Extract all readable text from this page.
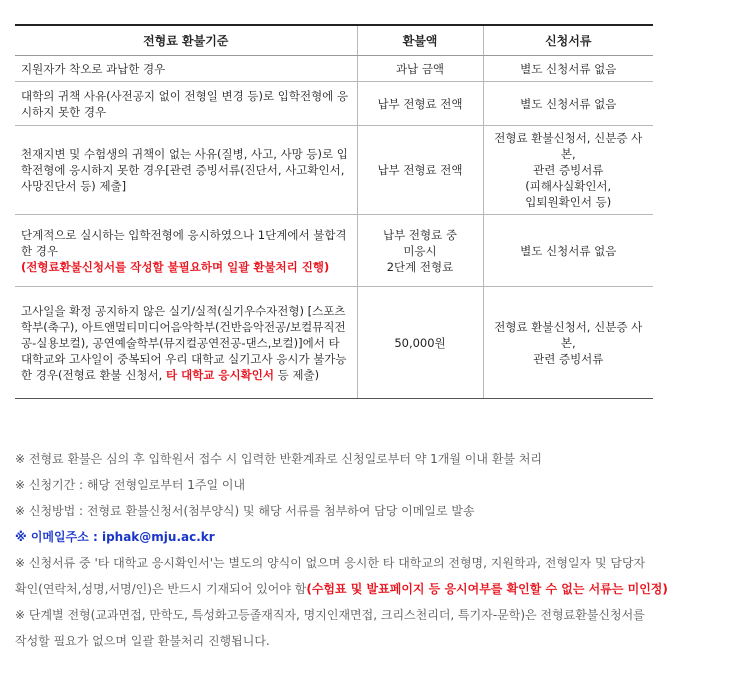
전형료 환불기준	환불액	신청서류
지원자가 착오로 과납한 경우	과납 금액	별도 신청서류 없음
대학의 귀책 사유(사전공지 없이 전형일 변경 등)로 입학전형에 응시하지 못한 경우	납부 전형료 전액	별도 신청서류 없음
천재지변 및 수험생의 귀책이 없는 사유(질병, 사고, 사망 등)로 입학전형에 응시하지 못한 경우[관련 증빙서류(진단서, 사고확인서, 사망진단서 등) 제출]	납부 전형료 전액	전형료 환불신청서, 신분증 사본,
관련 증빙서류
(피해사실확인서,
입퇴원확인서 등)
단계적으로 실시하는 입학전형에 응시하였으나 1단계에서 불합격한 경우
(전형료환불신청서를 작성할 불필요하며 일괄 환불처리 진행)	납부 전형료 중
미응시
2단계 전형료	별도 신청서류 없음
고사일을 확정 공지하지 않은 실기/실적(실기우수자전형) [스포츠학부(축구), 아트앤멀티미디어음악학부(건반음악전공/보컬뮤직전공-실용보컬), 공연예술학부(뮤지컬공연전공-댄스,보컬)]에서 타 대학교와 고사일이 중복되어 우리 대학교 실기고사 응시가 불가능한 경우(전형료 환불 신청서, 타 대학교 응시확인서 등 제출)	50,000원	전형료 환불신청서, 신분증 사본,
관련 증빙서류

※ 전형료 환불은 심의 후 입학원서 접수 시 입력한 반환계좌로 신청일로부터 약 1개월 이내 환불 처리

※ 신청기간 : 해당 전형일로부터 1주일 이내

※ 신청방법 : 전형료 환불신청서(첨부양식) 및 해당 서류를 첨부하여 담당 이메일로 발송

※ 이메일주소 : iphak@mju.ac.kr

※ 신청서류 중 '타 대학교 응시확인서'는 별도의 양식이 없으며 응시한 타 대학교의 전형명, 지원학과, 전형일자 및 담당자

확인(연락처,성명,서명/인)은 반드시 기재되어 있어야 함(수험표 및 발표페이지 등 응시여부를 확인할 수 없는 서류는 미인정)

※ 단계별 전형(교과면접, 만학도, 특성화고등졸재직자, 명지인재면접, 크리스천리더, 특기자-문학)은 전형료환불신청서를

작성할 필요가 없으며 일괄 환불처리 진행됩니다.
